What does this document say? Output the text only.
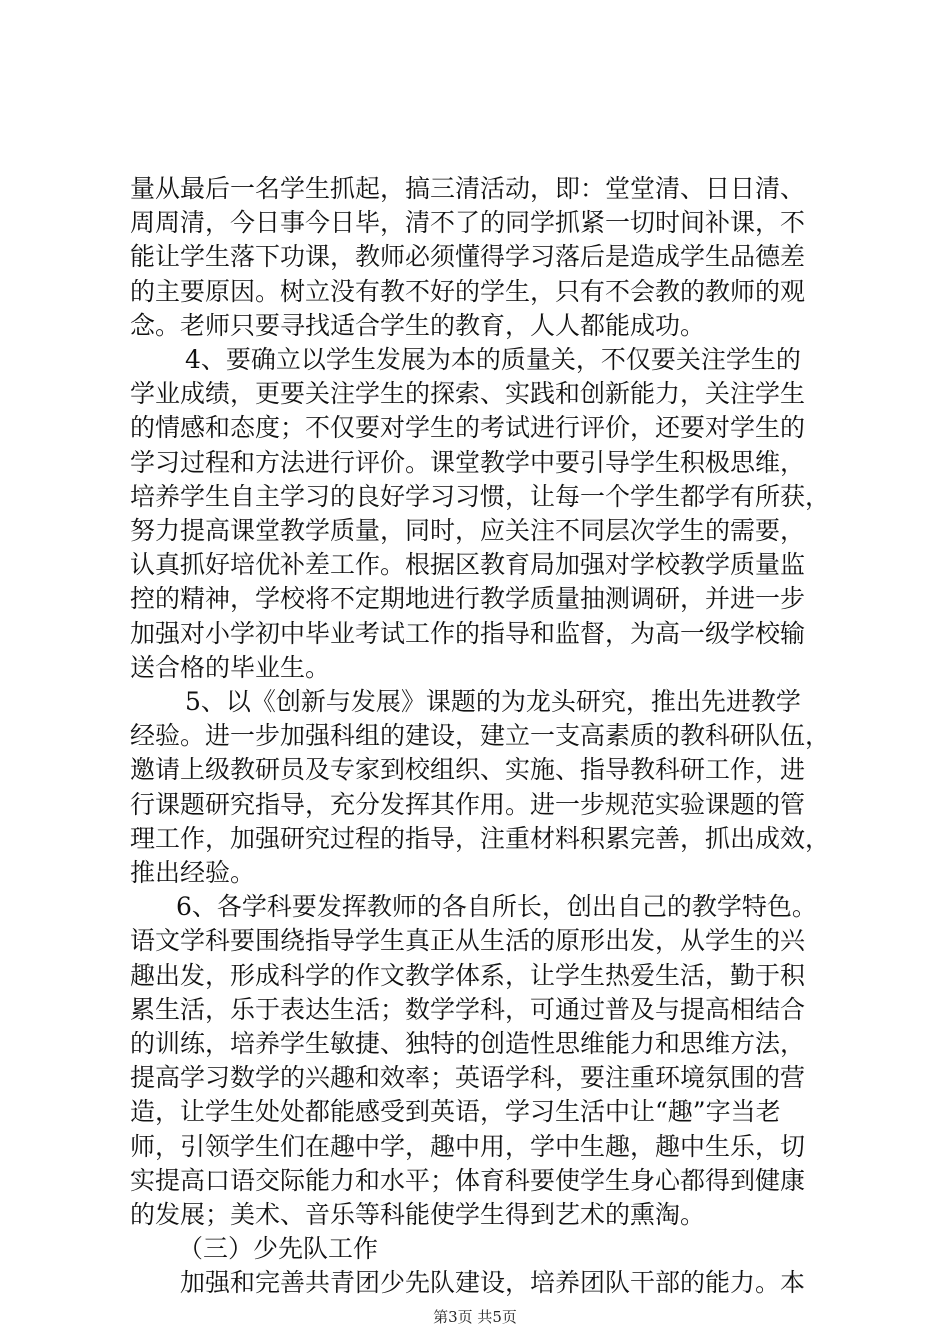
量从最后一名学生抓起，搞三清活动，即：堂堂清、日日清、
周周清，今日事今日毕，清不了的同学抓紧一切时间补课，不
能让学生落下功课，教师必须懂得学习落后是造成学生品德差
的主要原因。树立没有教不好的学生，只有不会教的教师的观
念。老师只要寻找适合学生的教育，人人都能成功。
4、要确立以学生发展为本的质量关，不仅要关注学生的
学业成绩，更要关注学生的探索、实践和创新能力，关注学生
的情感和态度；不仅要对学生的考试进行评价，还要对学生的
学习过程和方法进行评价。课堂教学中要引导学生积极思维，
培养学生自主学习的良好学习习惯，让每一个学生都学有所获，
努力提高课堂教学质量，同时，应关注不同层次学生的需要，
认真抓好培优补差工作。根据区教育局加强对学校教学质量监
控的精神，学校将不定期地进行教学质量抽测调研，并进一步
加强对小学初中毕业考试工作的指导和监督，为高一级学校输
送合格的毕业生。
5、以《创新与发展》课题的为龙头研究，推出先进教学
经验。进一步加强科组的建设，建立一支高素质的教科研队伍，
邀请上级教研员及专家到校组织、实施、指导教科研工作，进
行课题研究指导，充分发挥其作用。进一步规范实验课题的管
理工作，加强研究过程的指导，注重材料积累完善，抓出成效，
推出经验。
6、各学科要发挥教师的各自所长，创出自己的教学特色。
语文学科要围绕指导学生真正从生活的原形出发，从学生的兴
趣出发，形成科学的作文教学体系，让学生热爱生活，勤于积
累生活，乐于表达生活；数学学科，可通过普及与提高相结合
的训练，培养学生敏捷、独特的创造性思维能力和思维方法，
提高学习数学的兴趣和效率；英语学科，要注重环境氛围的营
造，让学生处处都能感受到英语，学习生活中让“趣”字当老
师，引领学生们在趣中学，趣中用，学中生趣，趣中生乐，切
实提高口语交际能力和水平；体育科要使学生身心都得到健康
的发展；美术、音乐等科能使学生得到艺术的熏淘。
（三）少先队工作
加强和完善共青团少先队建设，培养团队干部的能力。本
第3页 共5页
